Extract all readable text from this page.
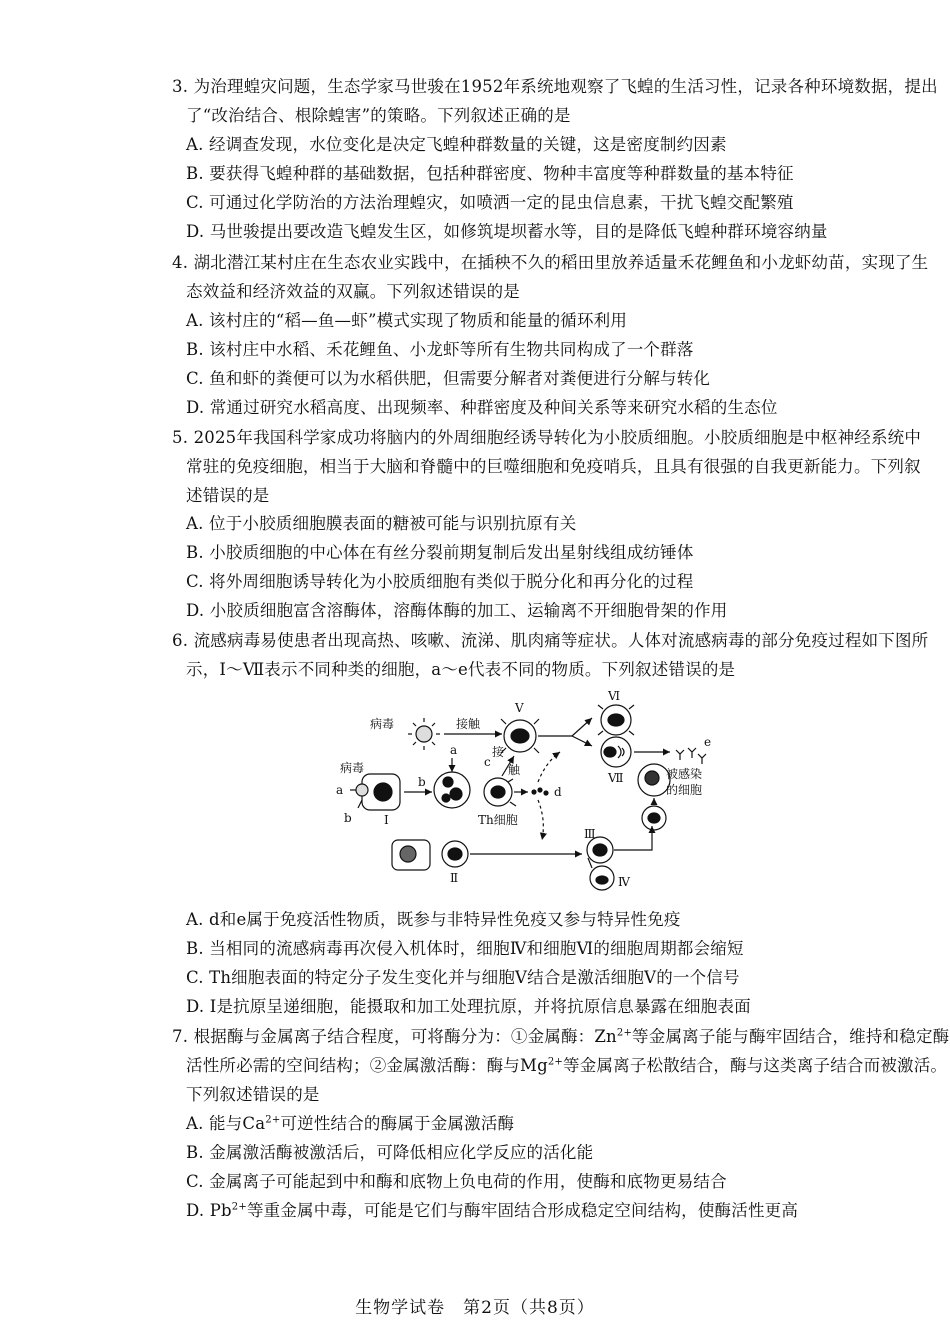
3. 为治理蝗灾问题，生态学家马世骏在1952年系统地观察了飞蝗的生活习性，记录各种环境数据，提出
了“改治结合、根除蝗害”的策略。下列叙述正确的是
A. 经调查发现，水位变化是决定飞蝗种群数量的关键，这是密度制约因素
B. 要获得飞蝗种群的基础数据，包括种群密度、物种丰富度等种群数量的基本特征
C. 可通过化学防治的方法治理蝗灾，如喷洒一定的昆虫信息素，干扰飞蝗交配繁殖
D. 马世骏提出要改造飞蝗发生区，如修筑堤坝蓄水等，目的是降低飞蝗种群环境容纳量
4. 湖北潜江某村庄在生态农业实践中，在插秧不久的稻田里放养适量禾花鲤鱼和小龙虾幼苗，实现了生
态效益和经济效益的双赢。下列叙述错误的是
A. 该村庄的“稻—鱼—虾”模式实现了物质和能量的循环利用
B. 该村庄中水稻、禾花鲤鱼、小龙虾等所有生物共同构成了一个群落
C. 鱼和虾的粪便可以为水稻供肥，但需要分解者对粪便进行分解与转化
D. 常通过研究水稻高度、出现频率、种群密度及种间关系等来研究水稻的生态位
5. 2025年我国科学家成功将脑内的外周细胞经诱导转化为小胶质细胞。小胶质细胞是中枢神经系统中
常驻的免疫细胞，相当于大脑和脊髓中的巨噬细胞和免疫哨兵，且具有很强的自我更新能力。下列叙
述错误的是
A. 位于小胶质细胞膜表面的糖被可能与识别抗原有关
B. 小胶质细胞的中心体在有丝分裂前期复制后发出星射线组成纺锤体
C. 将外周细胞诱导转化为小胶质细胞有类似于脱分化和再分化的过程
D. 小胶质细胞富含溶酶体，溶酶体酶的加工、运输离不开细胞骨架的作用
6. 流感病毒易使患者出现高热、咳嗽、流涕、肌肉痛等症状。人体对流感病毒的部分免疫过程如下图所
示，Ⅰ～Ⅶ表示不同种类的细胞，a～e代表不同的物质。下列叙述错误的是
病毒
病毒
接触
接
触	被感染
的细胞
Th细胞
Ⅰ
Ⅱ
Ⅲ
Ⅳ
Ⅴ
Ⅵ
Ⅶ
a
a
b
b
c
d
e
A. d和e属于免疫活性物质，既参与非特异性免疫又参与特异性免疫
B. 当相同的流感病毒再次侵入机体时，细胞Ⅳ和细胞Ⅵ的细胞周期都会缩短
C. Th细胞表面的特定分子发生变化并与细胞Ⅴ结合是激活细胞Ⅴ的一个信号
D. Ⅰ是抗原呈递细胞，能摄取和加工处理抗原，并将抗原信息暴露在细胞表面
7. 根据酶与金属离子结合程度，可将酶分为：①金属酶：$Zn^{2+}$等金属离子能与酶牢固结合，维持和稳定酶
活性所必需的空间结构；②金属激活酶：酶与$Mg^{2+}$等金属离子松散结合，酶与这类离子结合而被激活。
下列叙述错误的是
A. 能与$Ca^{2+}$可逆性结合的酶属于金属激活酶
B. 金属激活酶被激活后，可降低相应化学反应的活化能
C. 金属离子可能起到中和酶和底物上负电荷的作用，使酶和底物更易结合
D. $Pb^{2+}$等重金属中毒，可能是它们与酶牢固结合形成稳定空间结构，使酶活性更高
生物学试卷　第2页（共8页）
